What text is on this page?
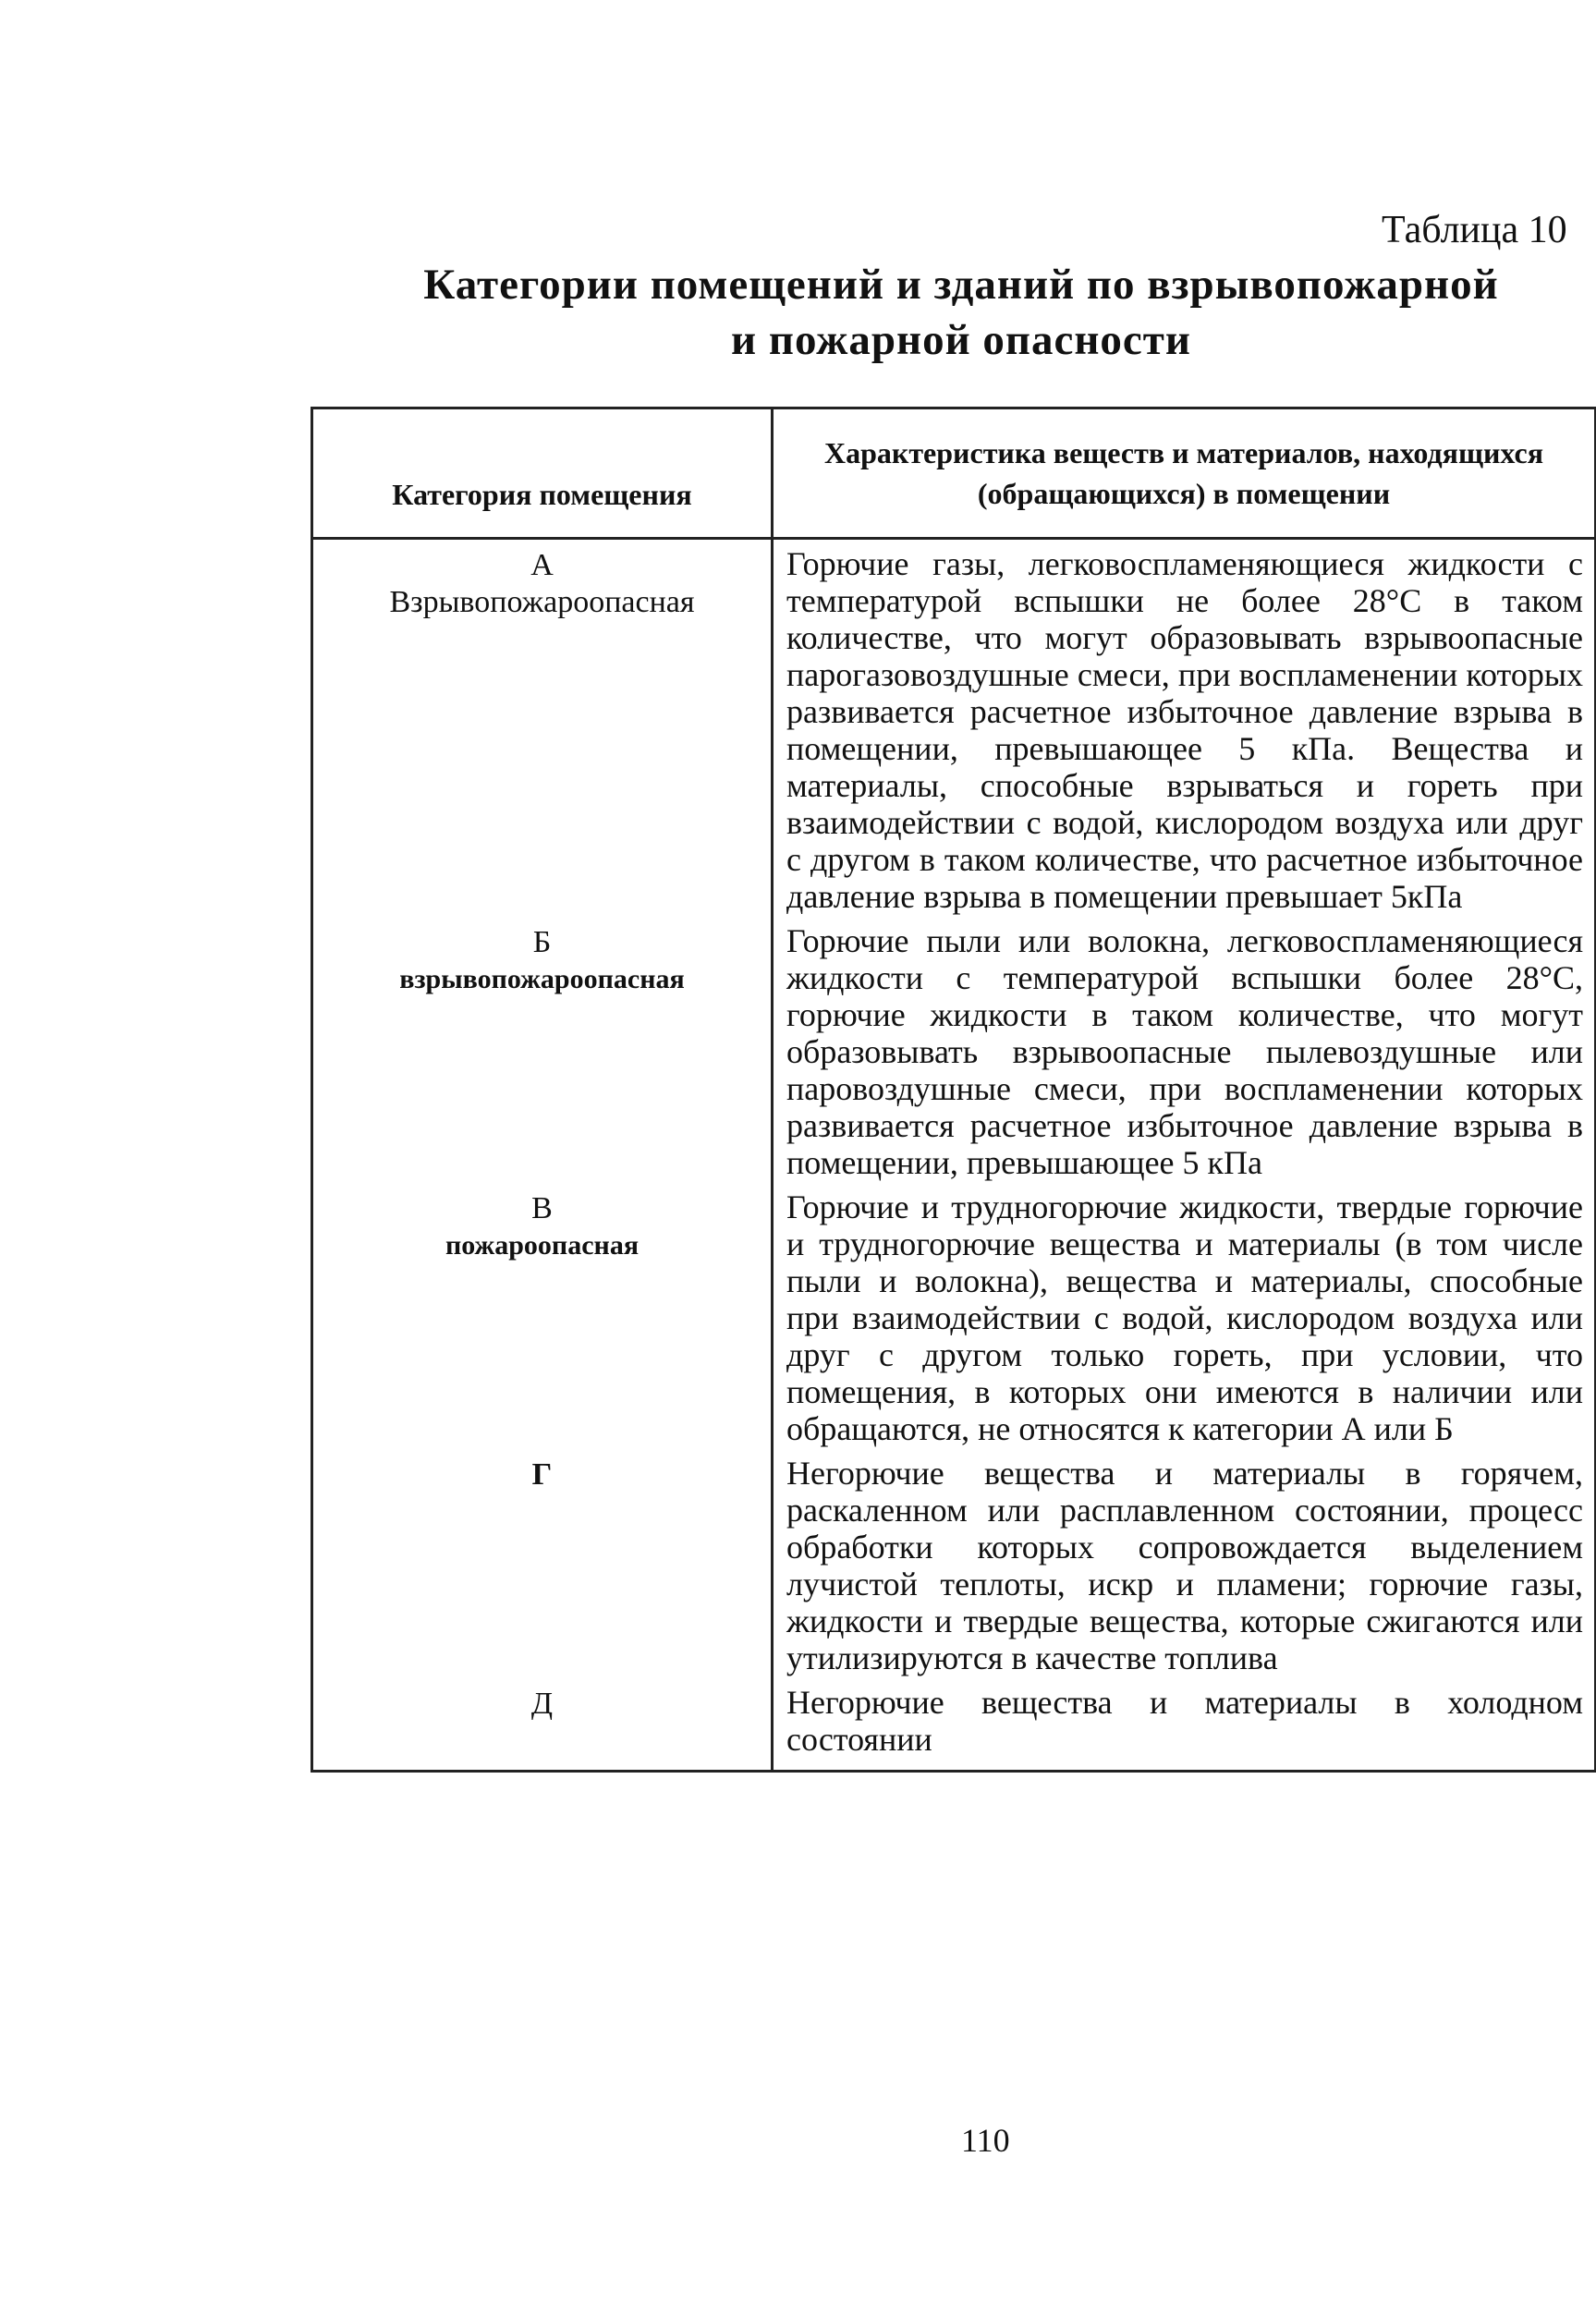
Таблица 10
Категории помещений и зданий по взрывопожарной
и пожарной опасности
Категория помещения	Характеристика веществ и материалов, находящихся (обращающихся) в помещении

А
Взрывопожароопасная	Горючие газы, легковоспламеняющиеся жидкости с температурой вспышки не более 28°С в таком количестве, что могут образовывать взрывоопасные парогазовоздушные смеси, при воспламенении которых развивается расчетное избыточное давление взрыва в помещении, превышающее 5 кПа. Вещества и материалы, способные взрываться и гореть при взаимодействии с водой, кислородом воздуха или друг с другом в таком количестве, что расчетное избыточное давление взрыва в помещении превышает 5кПа

Б
взрывопожароопасная	Горючие пыли или волокна, легковоспламеняющиеся жидкости с температурой вспышки более 28°С, горючие жидкости в таком количестве, что могут образовывать взрывоопасные пылевоздушные или паровоздушные смеси, при воспламенении которых развивается расчетное избыточное давление взрыва в помещении, превышающее 5 кПа

В
пожароопасная	Горючие и трудногорючие жидкости, твердые горючие и трудногорючие вещества и материалы (в том числе пыли и волокна), вещества и материалы, способные при взаимодействии с водой, кислородом воздуха или друг с другом только гореть, при условии, что помещения, в которых они имеются в наличии или обращаются, не относятся к категории А или Б

Г	Негорючие вещества и материалы в горячем, раскаленном или расплавленном состоянии, процесс обработки которых сопровождается выделением лучистой теплоты, искр и пламени; горючие газы, жидкости и твердые вещества, которые сжигаются или утилизируются в качестве топлива

Д	Негорючие вещества и материалы в холодном состоянии
110
